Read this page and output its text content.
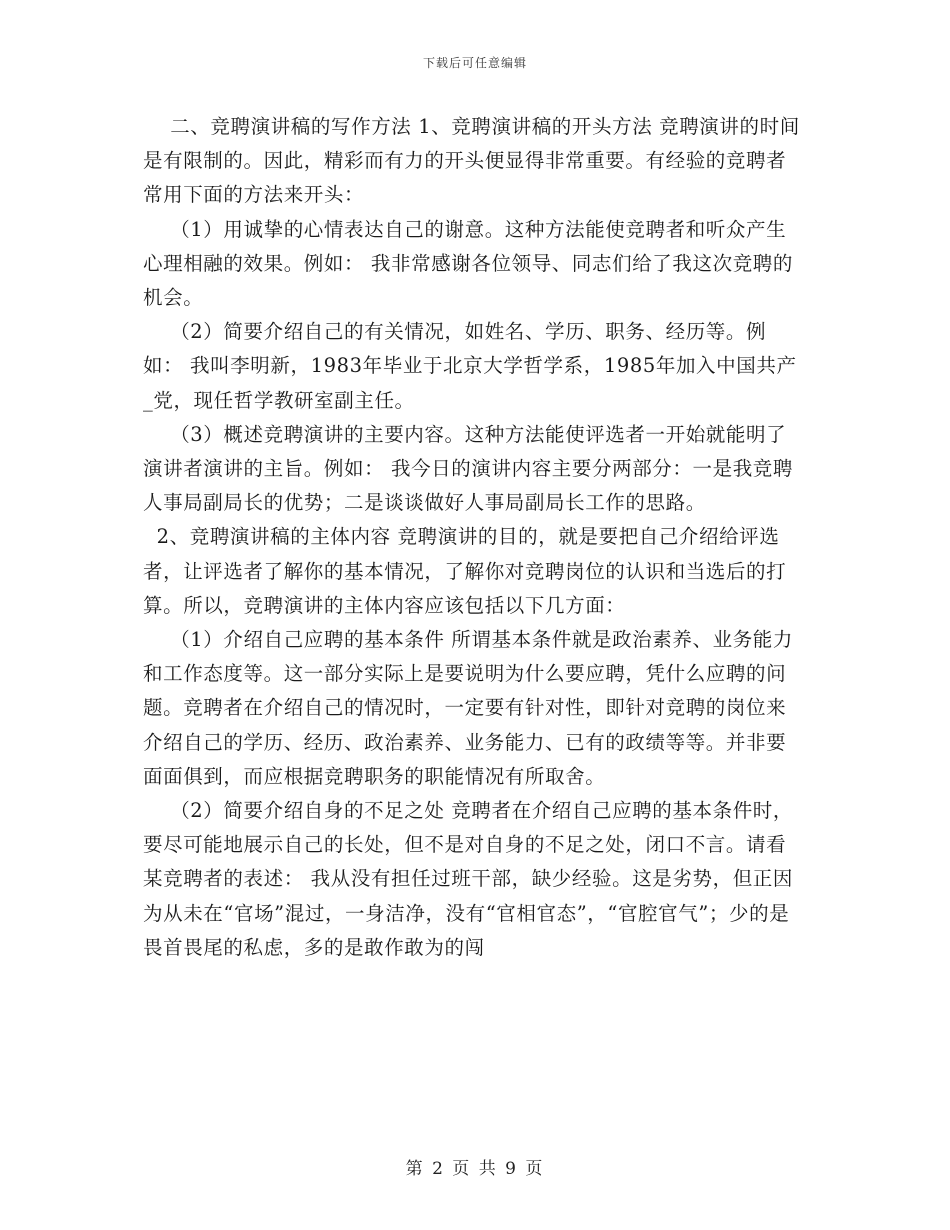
下载后可任意编辑

二、竞聘演讲稿的写作方法 1、竞聘演讲稿的开头方法 竞聘演讲的时间是有限制的。因此，精彩而有力的开头便显得非常重要。有经验的竞聘者常用下面的方法来开头：

（1）用诚挚的心情表达自己的谢意。这种方法能使竞聘者和听众产生心理相融的效果。例如： 我非常感谢各位领导、同志们给了我这次竞聘的机会。

（2）简要介绍自己的有关情况，如姓名、学历、职务、经历等。例如： 我叫李明新，1983年毕业于北京大学哲学系，1985年加入中国共产_党，现任哲学教研室副主任。

（3）概述竞聘演讲的主要内容。这种方法能使评选者一开始就能明了演讲者演讲的主旨。例如： 我今日的演讲内容主要分两部分：一是我竞聘人事局副局长的优势；二是谈谈做好人事局副局长工作的思路。

2、竞聘演讲稿的主体内容 竞聘演讲的目的，就是要把自己介绍给评选者，让评选者了解你的基本情况，了解你对竞聘岗位的认识和当选后的打算。所以，竞聘演讲的主体内容应该包括以下几方面：

（1）介绍自己应聘的基本条件 所谓基本条件就是政治素养、业务能力和工作态度等。这一部分实际上是要说明为什么要应聘，凭什么应聘的问题。竞聘者在介绍自己的情况时，一定要有针对性，即针对竞聘的岗位来介绍自己的学历、经历、政治素养、业务能力、已有的政绩等等。并非要面面俱到，而应根据竞聘职务的职能情况有所取舍。

（2）简要介绍自身的不足之处 竞聘者在介绍自己应聘的基本条件时，要尽可能地展示自己的长处，但不是对自身的不足之处，闭口不言。请看某竞聘者的表述： 我从没有担任过班干部，缺少经验。这是劣势，但正因为从未在“官场”混过，一身洁净，没有“官相官态”，“官腔官气”；少的是畏首畏尾的私虑，多的是敢作敢为的闯

第 2 页 共 9 页
